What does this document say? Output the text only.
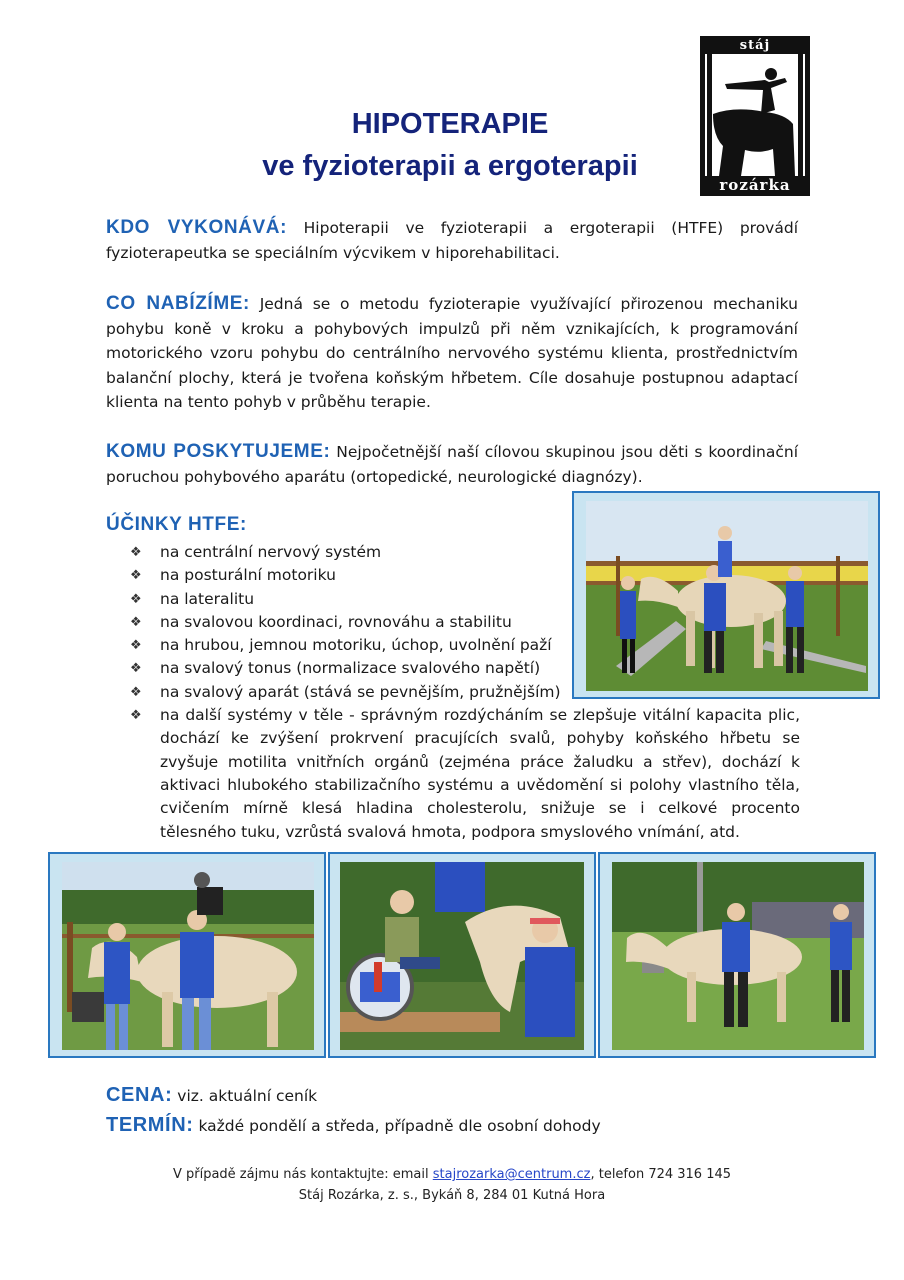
HIPOTERAPIE
ve fyzioterapii a ergoterapii
stáj
rozárka
KDO VYKONÁVÁ: Hipoterapii ve fyzioterapii a ergoterapii (HTFE) provádí fyzioterapeutka se speciálním výcvikem v hiporehabilitaci.
CO NABÍZÍME: Jedná se o metodu fyzioterapie využívající přirozenou mechaniku pohybu koně v kroku a pohybových impulzů při něm vznikajících, k programování motorického vzoru pohybu do centrálního nervového systému klienta, prostřednictvím balanční plochy, která je tvořena koňským hřbetem. Cíle dosahuje postupnou adaptací klienta na tento pohyb v průběhu terapie.
KOMU POSKYTUJEME: Nejpočetnější naší cílovou skupinou jsou děti s koordinační poruchou pohybového aparátu (ortopedické, neurologické diagnózy).
ÚČINKY HTFE:
❖ na centrální nervový systém
❖ na posturální motoriku
❖ na lateralitu
❖ na svalovou koordinaci, rovnováhu a stabilitu
❖ na hrubou, jemnou motoriku, úchop, uvolnění paží
❖ na svalový tonus (normalizace svalového napětí)
❖ na svalový aparát (stává se pevnějším, pružnějším)
❖ na další systémy v těle - správným rozdýcháním se zlepšuje vitální kapacita plic, dochází ke zvýšení prokrvení pracujících svalů, pohyby koňského hřbetu se zvyšuje motilita vnitřních orgánů (zejména práce žaludku a střev), dochází k aktivaci hlubokého stabilizačního systému a uvědomění si polohy vlastního těla, cvičením mírně klesá hladina cholesterolu, snižuje se i celkové procento tělesného tuku, vzrůstá svalová hmota, podpora smyslového vnímání, atd.
CENA: viz. aktuální ceník
TERMÍN: každé pondělí a středa, případně dle osobní dohody
V případě zájmu nás kontaktujte: email stajrozarka@centrum.cz, telefon 724 316 145
Stáj Rozárka, z. s., Bykáň 8, 284 01 Kutná Hora
